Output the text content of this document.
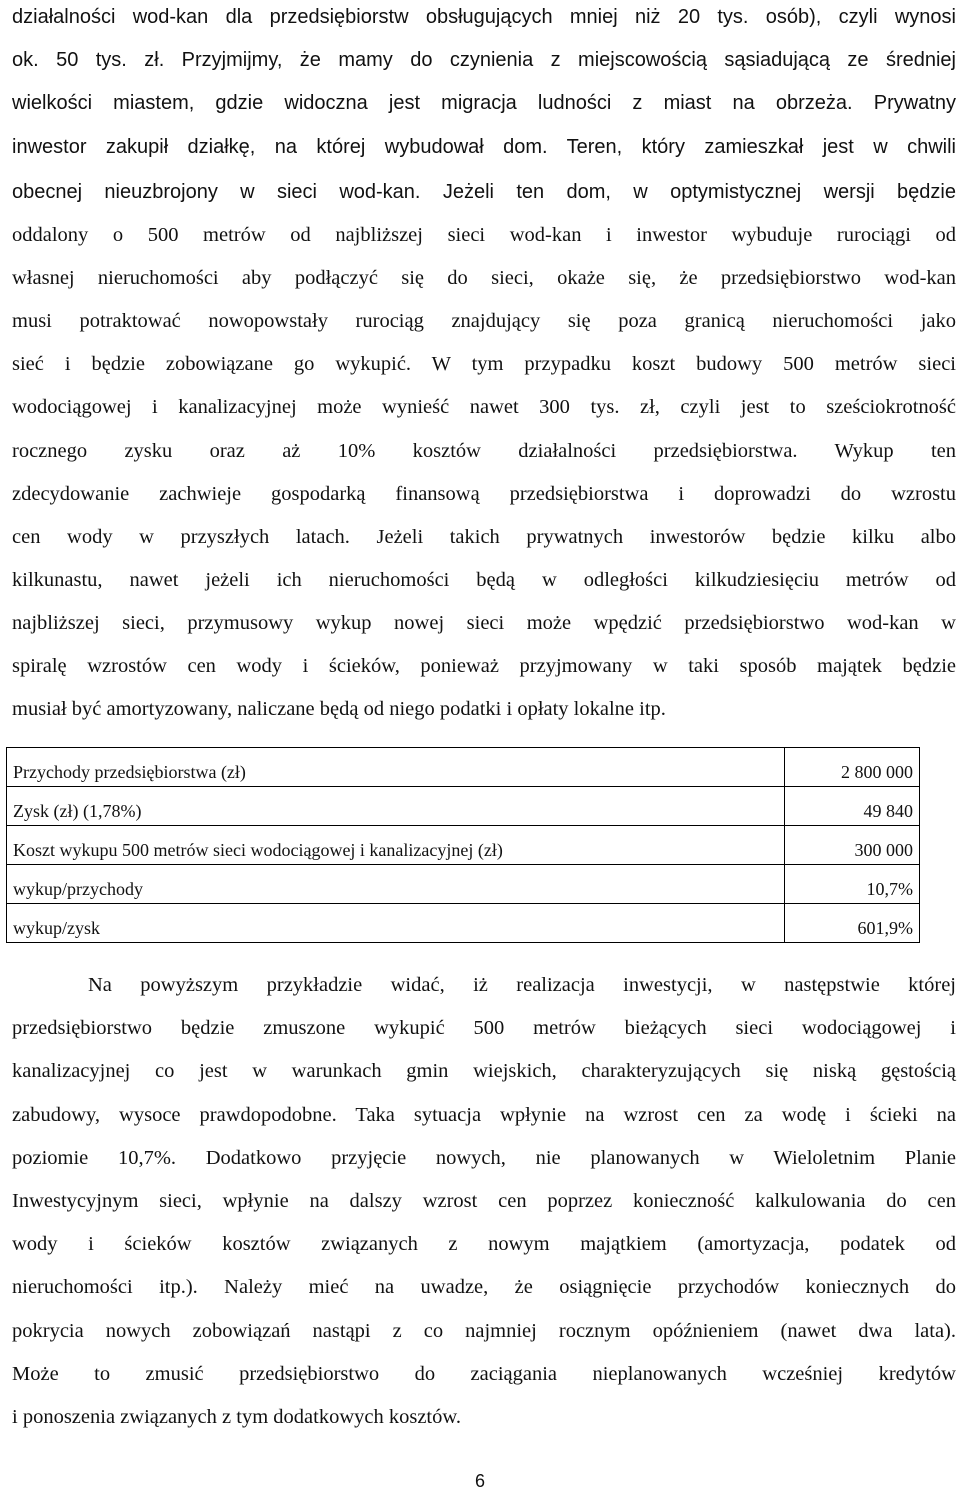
działalności wod-kan dla przedsiębiorstw obsługujących mniej niż 20 tys. osób), czyli wynosi
ok. 50 tys. zł. Przyjmijmy, że mamy do czynienia z miejscowością sąsiadującą ze średniej
wielkości miastem, gdzie widoczna jest migracja ludności z miast na obrzeża. Prywatny
inwestor zakupił działkę, na której wybudował dom. Teren, który zamieszkał jest w chwili
obecnej nieuzbrojony w sieci wod-kan. Jeżeli ten dom, w optymistycznej wersji będzie
oddalony o 500 metrów od najbliższej sieci wod-kan i inwestor wybuduje rurociągi od
własnej nieruchomości aby podłączyć się do sieci, okaże się, że przedsiębiorstwo wod-kan
musi potraktować nowopowstały rurociąg znajdujący się poza granicą nieruchomości jako
sieć i będzie zobowiązane go wykupić. W tym przypadku koszt budowy 500 metrów sieci
wodociągowej i kanalizacyjnej może wynieść nawet 300 tys. zł, czyli jest to sześciokrotność
rocznego zysku oraz aż 10% kosztów działalności przedsiębiorstwa. Wykup ten
zdecydowanie zachwieje gospodarką finansową przedsiębiorstwa i doprowadzi do wzrostu
cen wody w przyszłych latach. Jeżeli takich prywatnych inwestorów będzie kilku albo
kilkunastu, nawet jeżeli ich nieruchomości będą w odległości kilkudziesięciu metrów od
najbliższej sieci, przymusowy wykup nowej sieci może wpędzić przedsiębiorstwo wod-kan w
spiralę wzrostów cen wody i ścieków, ponieważ przyjmowany w taki sposób majątek będzie
musiał być amortyzowany, naliczane będą od niego podatki i opłaty lokalne itp.
Przychody przedsiębiorstwa (zł)	2 800 000
Zysk (zł) (1,78%)	49 840
Koszt wykupu 500 metrów sieci wodociągowej i kanalizacyjnej (zł)	300 000
wykup/przychody	10,7%
wykup/zysk	601,9%
Na powyższym przykładzie widać, iż realizacja inwestycji, w następstwie której
przedsiębiorstwo będzie zmuszone wykupić 500 metrów bieżących sieci wodociągowej i
kanalizacyjnej co jest w warunkach gmin wiejskich, charakteryzujących się niską gęstością
zabudowy, wysoce prawdopodobne. Taka sytuacja wpłynie na wzrost cen za wodę i ścieki na
poziomie 10,7%. Dodatkowo przyjęcie nowych, nie planowanych w Wieloletnim Planie
Inwestycyjnym sieci, wpłynie na dalszy wzrost cen poprzez konieczność kalkulowania do cen
wody i ścieków kosztów związanych z nowym majątkiem (amortyzacja, podatek od
nieruchomości itp.). Należy mieć na uwadze, że osiągnięcie przychodów koniecznych do
pokrycia nowych zobowiązań nastąpi z co najmniej rocznym opóźnieniem (nawet dwa lata).
Może to zmusić przedsiębiorstwo do zaciągania nieplanowanych wcześniej kredytów
i ponoszenia związanych z tym dodatkowych kosztów.
6
